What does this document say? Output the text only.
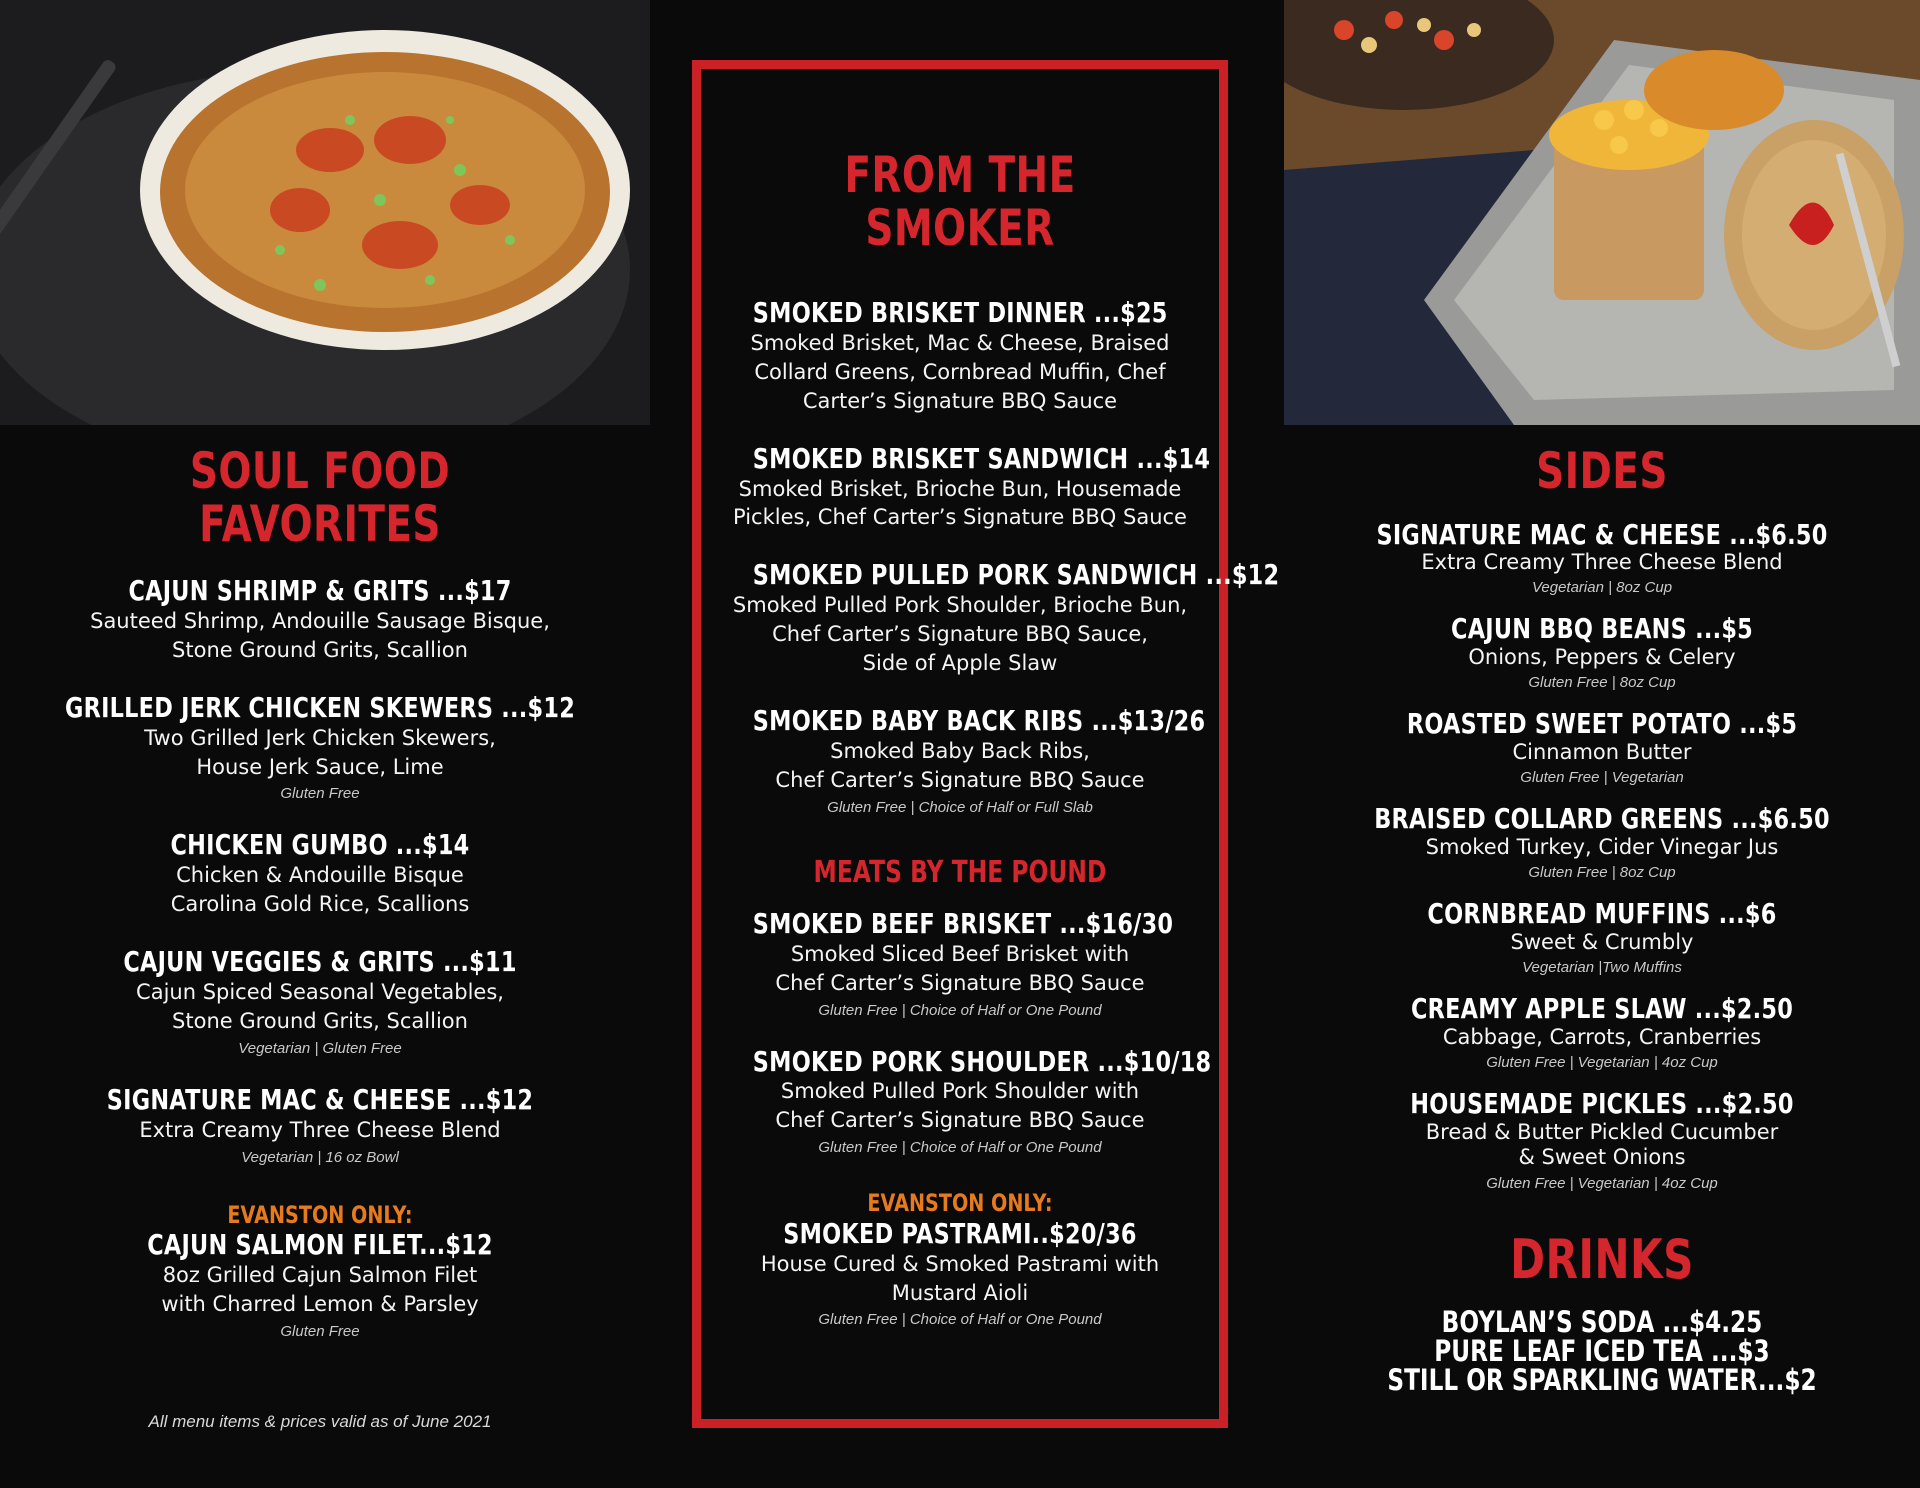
SOUL FOOD FAVORITES
CAJUN SHRIMP & GRITS ...$17
Sauteed Shrimp, Andouille Sausage Bisque,
Stone Ground Grits, Scallion
GRILLED JERK CHICKEN SKEWERS ...$12
Two Grilled Jerk Chicken Skewers,
House Jerk Sauce, Lime
Gluten Free
CHICKEN GUMBO ...$14
Chicken & Andouille Bisque
Carolina Gold Rice, Scallions
CAJUN VEGGIES & GRITS ...$11
Cajun Spiced Seasonal Vegetables,
Stone Ground Grits, Scallion
Vegetarian | Gluten Free
SIGNATURE MAC & CHEESE ...$12
Extra Creamy Three Cheese Blend
Vegetarian | 16 oz Bowl
EVANSTON ONLY:
CAJUN SALMON FILET...$12
8oz Grilled Cajun Salmon Filet
with Charred Lemon & Parsley
Gluten Free
All menu items & prices valid as of June 2021
FROM THE SMOKER
SMOKED BRISKET DINNER ...$25
Smoked Brisket, Mac & Cheese, Braised
Collard Greens, Cornbread Muffin, Chef
Carter’s Signature BBQ Sauce
SMOKED BRISKET SANDWICH ...$14
Smoked Brisket, Brioche Bun, Housemade
Pickles, Chef Carter’s Signature BBQ Sauce
SMOKED PULLED PORK SANDWICH ...$12
Smoked Pulled Pork Shoulder, Brioche Bun,
Chef Carter’s Signature BBQ Sauce,
Side of Apple Slaw
SMOKED BABY BACK RIBS ...$13/26
Smoked Baby Back Ribs,
Chef Carter’s Signature BBQ Sauce
Gluten Free | Choice of Half or Full Slab
MEATS BY THE POUND
SMOKED BEEF BRISKET ...$16/30
Smoked Sliced Beef Brisket with
Chef Carter’s Signature BBQ Sauce
Gluten Free | Choice of Half or One Pound
SMOKED PORK SHOULDER ...$10/18
Smoked Pulled Pork Shoulder with
Chef Carter’s Signature BBQ Sauce
Gluten Free | Choice of Half or One Pound
EVANSTON ONLY:
SMOKED PASTRAMI..$20/36
House Cured & Smoked Pastrami with
Mustard Aioli
Gluten Free | Choice of Half or One Pound
SIDES
SIGNATURE MAC & CHEESE ...$6.50
Extra Creamy Three Cheese Blend
Vegetarian | 8oz Cup
CAJUN BBQ BEANS ...$5
Onions, Peppers & Celery
Gluten Free | 8oz Cup
ROASTED SWEET POTATO ...$5
Cinnamon Butter
Gluten Free | Vegetarian
BRAISED COLLARD GREENS ...$6.50
Smoked Turkey, Cider Vinegar Jus
Gluten Free | 8oz Cup
CORNBREAD MUFFINS ...$6
Sweet & Crumbly
Vegetarian |Two Muffins
CREAMY APPLE SLAW ...$2.50
Cabbage, Carrots, Cranberries
Gluten Free | Vegetarian | 4oz Cup
HOUSEMADE PICKLES ...$2.50
Bread & Butter Pickled Cucumber
& Sweet Onions
Gluten Free | Vegetarian | 4oz Cup
DRINKS
BOYLAN’S SODA ...$4.25
PURE LEAF ICED TEA ...$3
STILL OR SPARKLING WATER...$2
